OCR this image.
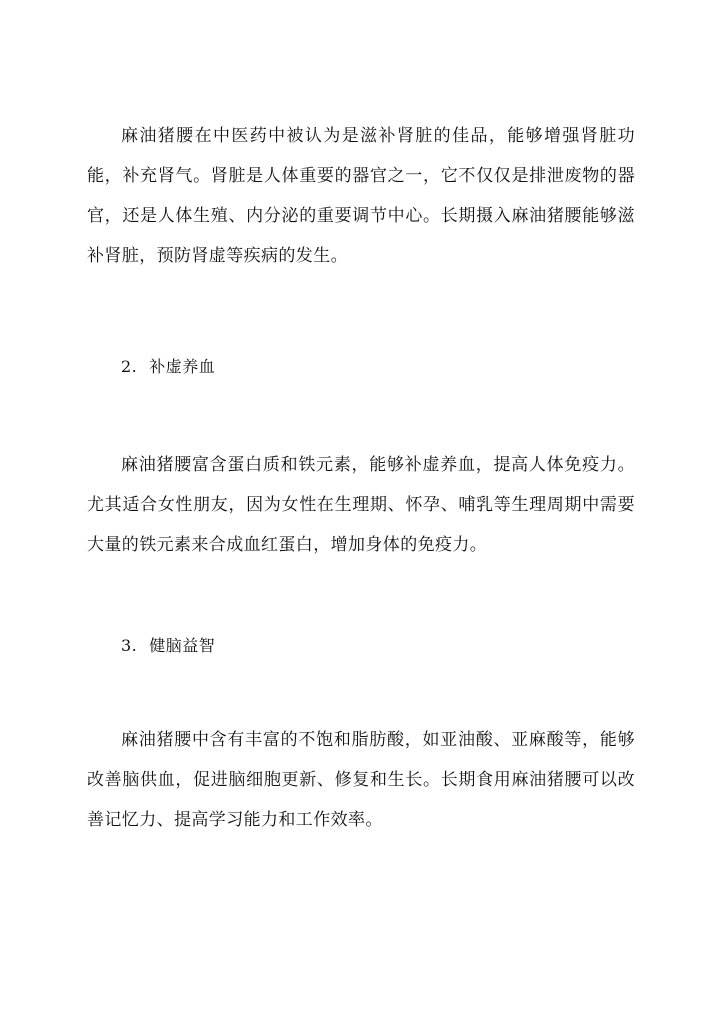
麻油猪腰在中医药中被认为是滋补肾脏的佳品，能够增强肾脏功能，补充肾气。肾脏是人体重要的器官之一，它不仅仅是排泄废物的器官，还是人体生殖、内分泌的重要调节中心。长期摄入麻油猪腰能够滋补肾脏，预防肾虚等疾病的发生。

2. 补虚养血

麻油猪腰富含蛋白质和铁元素，能够补虚养血，提高人体免疫力。尤其适合女性朋友，因为女性在生理期、怀孕、哺乳等生理周期中需要大量的铁元素来合成血红蛋白，增加身体的免疫力。

3. 健脑益智

麻油猪腰中含有丰富的不饱和脂肪酸，如亚油酸、亚麻酸等，能够改善脑供血，促进脑细胞更新、修复和生长。长期食用麻油猪腰可以改善记忆力、提高学习能力和工作效率。
